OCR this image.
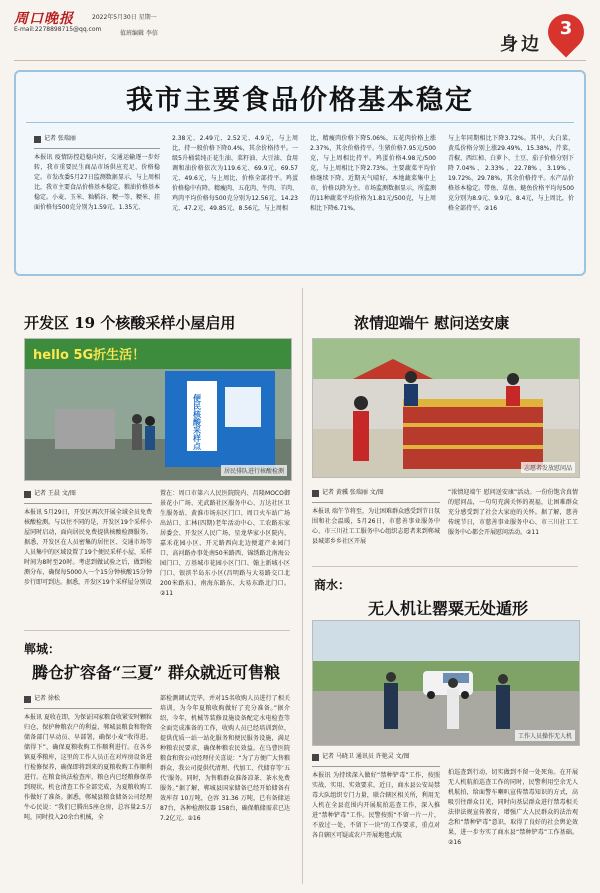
周口晚报	2022年5月30日 星期一
E-mail:2278898715@qq.com
值班编辑 李信
身边
3
我市主要食品价格基本稳定
记者 张瑞丽
本报讯 疫情防控趋稳向好，交通运输逐一步好转，我市重要民生商品市场供应充足、价格稳定。市发改委5月27日监测数据显示，与上周相比，我市主要食品价格基本稳定。粮油价格基本稳定。小麦、玉米、籼稻谷、粳一等、粳米、挂面价格每500克分别为1.59元、1.35元、
2.38元、2.49元、2.52元、4.9元，与上周比，持一般价格下降0.4%，其余价格持平。一级5升桶装纯正花生油、菜籽油、大豆油、食用调和油价格依次为119.6元、69.9元、69.57元、49.6元，与上周比，价格全部持平。鸡蛋价格稳中有降。精瘦肉、五花肉、牛肉、羊肉、鸡肉平均价格每500克分别为12.56元、14.23元、47.2元、49.85元、8.56元，与上周相
比，精瘦肉价格下降5.06%，五花肉价格上涨2.37%，其余价格持平。生猪价格7.95元/500克，与上周相比持平。鸡蛋价格4.98元/500克，与上周相比下降2.73%。主要蔬菜平均价格继续下降。近期天气晴好，本地蔬菜集中上市，价格以降为主。市场监测数据显示，所监测的11种蔬菜平均价格为1.81元/500克，与上周相比下降6.71%。
与上年同期相比下降3.72%。其中，大白菜、黄瓜价格分别上涨29.49%、15.38%，芹菜、青椒、西红柿、白萝卜、土豆、茄子价格分别下降7.04%、2.33%、22.78%、3.19%、19.72%、29.78%，其余价格持平。水产品价格基本稳定。带鱼、草鱼、鲢鱼价格平均每500克分别为8.9元、9.9元、8.4元，与上周比，价格全部持平。②16
开发区 19 个核酸采样小屋启用
hello 5G折生活！
便民核酸采样点
居民排队进行核酸检测
记者 王晨 文/图
本报讯 5月29日，开发区再次开展全域全员免费核酸检测。与以往不同的是，开发区19个采样小屋同时启动，面向居民免费提供核酸检测服务。据悉，开发区在人员密集的居住区、交通市场等人员集中的区域设置了19个便民采样小屋，采样时间为8时至20时。考虑到做试验之后，做到检测分布，确保每5000人一个15分钟核酸15分钟步行即可到达。据悉，开发区19个采样屋分别设
置在：周口市第六人民医院院内、昌隆MOCO御景花小广场、光武路社区服务中心、万达社区卫生服务站、黄淮市场东区门口、周口火车站广场出站口、汇林(四期)老年活动中心、工农路东家居委会、开发区人民广场、星龙华家小区院内、嘉禾花园小区、开元路西向北边便道产业园门口、高河路办事处南50米路西、锦绣路北南海公园门口、万基城市花园小区门口、翰上新城小区门口、银滨半岛东小区(昌明路与大易路交口北200米路东)、南海东路东、大易东路北门口。②11
郸城：
腾仓扩容备“三夏” 群众就近可售粮
记者 徐松
本报讯 夏收在即，为保证国家粮食收紧安时颗粒归仓，保护种粮农户的利益，郸城县粮食和物资储备部门早动员、早部署，确保小麦“收得进、储得下”，确保夏粮收购工作顺利进行。在各乡镇夏季粮库，这里的工作人员正在对库房设备进行检修保养，确保即将到来的夏粮收购工作顺利进行。在粮食执法检查库，粮仓内已经粮修保养到现状，机仓清查工作全部完成，为夏粮收购工作做好了准备。据悉，郸城县粮食储备公司经理牛心民说：“我们已腾出5座仓房，总容量2.5万吨，同时投入20余台机械，全
部检测调试完毕，并对15名收购人员进行了相关培训，为今年夏粮收购做好了充分准备。”据介绍，今年，机械等装修设施设备配定水电检查等全面完成准备的工作，收购人员已经培训到位，提供优质一站一站化服务和便民服务设施，满足种粮农民要求，确保种粮农民效益。在乌曹医院粮食和资公司经理付关喜说：“为了方便广大售粮群众，我公司提供代清理、代加工、代储存等‘五代’服务。同时，为售粮群众准备凉茶、茶水免费服务。”据了解，郸城县国家储备已经开始储备有效库存 10万吨，仓容 31.36 万吨，已有备储运 87台，各种检测仪器 158台，确保粮储需求已达 7.2亿元。②16
浓情迎端午 慰问送安康
志愿者发放慰问品
记者 黄骥 张瑞丽 文/图
本报讯 端午节将至，为让困难群众感受到节日氛围和社会温暖，5月26日，市慈善事业服务中心、市三川社工工服务中心组织志愿者来到郸城县城郊乡乡社区开展
“浓情迎端午 慰问送安康”活动。一份份饱含真情的慰问品，一句句充满关怀的祝福，让困难群众充分感受到了社会大家庭的关怀。据了解，慈善传统节日，市慈善事业服务中心、市三川社工工服务中心都会开展慰问活动。②11
商水：
无人机让罂粟无处遁形
工作人员操作无人机
记者 马晓卫 通讯员 许艳灵 文/图
本报讯 为持续深入做好“禁种铲毒”工作，按照实战、实用、实效要求，近日，商水县公安局禁毒大队组织专门力量，联合辖区相关所，利用无人机在全县范围内开展航拍巡查工作，深入推进“禁种铲毒”工作。民警按照“不留一片一片，不放过一处，不留下一块”的工作要求，重点对各自辖区可疑或农户开展地毯式航
拍巡查到行动，切实做到不留一处死角。在开展无人机航拍巡查工作的同时，民警利用空余无人机航拍，给面警车喇叭宣传禁毒知识的方式，高吸引往群众目光，同时向基层群众进行禁毒相关法律法规宣传教育，增强广大人民群众的法治观念和“禁种铲毒”意识，取得了良好的社会舆论效果，进一步夯实了商水县“禁种铲毒”工作基础。②16
